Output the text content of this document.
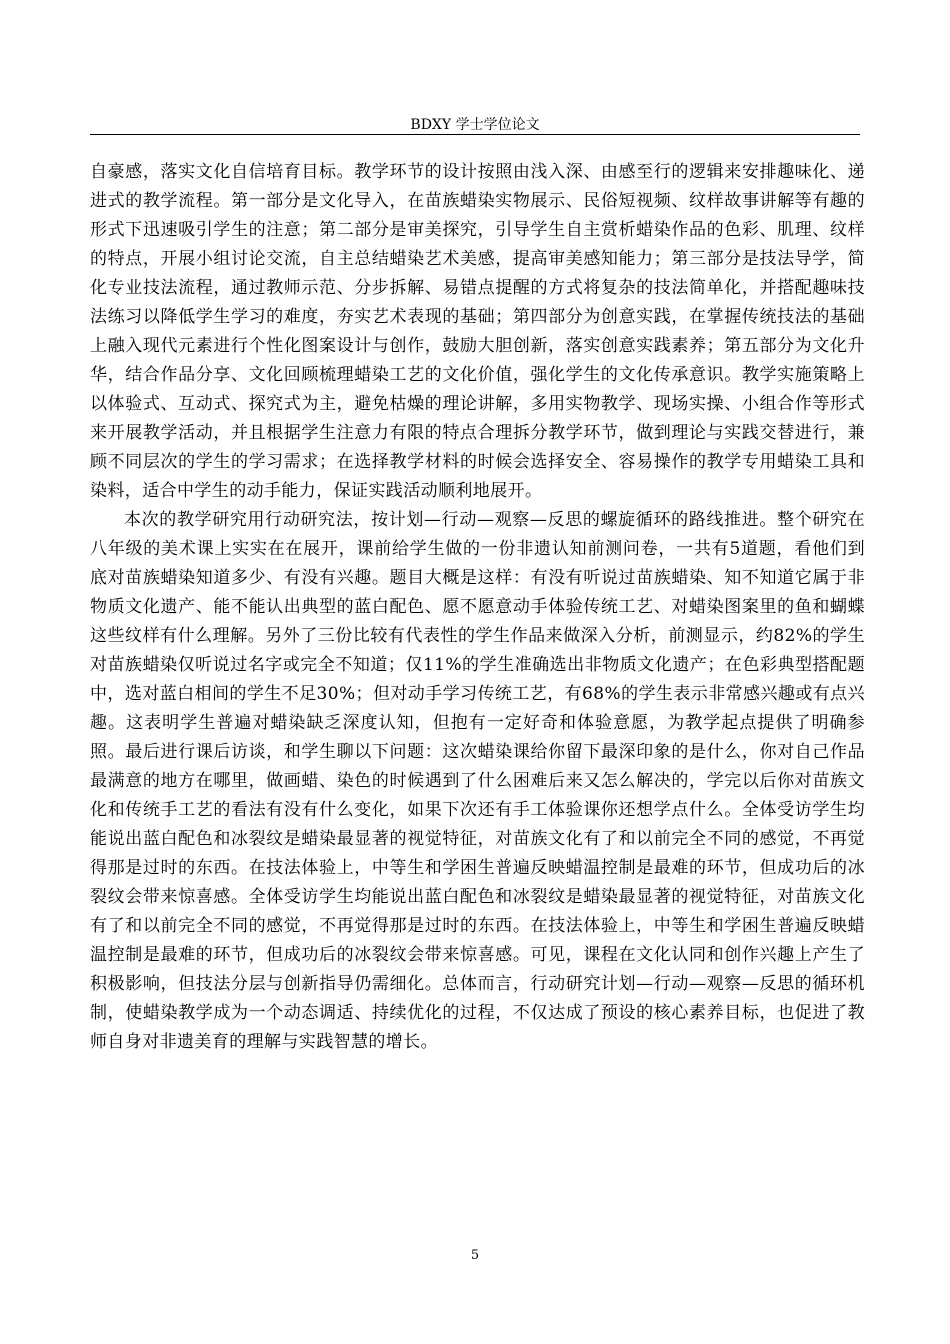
BDXY 学士学位论文

自豪感，落实文化自信培育目标。教学环节的设计按照由浅入深、由感至行的逻辑来安排趣味化、递进式的教学流程。第一部分是文化导入，在苗族蜡染实物展示、民俗短视频、纹样故事讲解等有趣的形式下迅速吸引学生的注意；第二部分是审美探究，引导学生自主赏析蜡染作品的色彩、肌理、纹样的特点，开展小组讨论交流，自主总结蜡染艺术美感，提高审美感知能力；第三部分是技法导学，简化专业技法流程，通过教师示范、分步拆解、易错点提醒的方式将复杂的技法简单化，并搭配趣味技法练习以降低学生学习的难度，夯实艺术表现的基础；第四部分为创意实践，在掌握传统技法的基础上融入现代元素进行个性化图案设计与创作，鼓励大胆创新，落实创意实践素养；第五部分为文化升华，结合作品分享、文化回顾梳理蜡染工艺的文化价值，强化学生的文化传承意识。教学实施策略上以体验式、互动式、探究式为主，避免枯燥的理论讲解，多用实物教学、现场实操、小组合作等形式来开展教学活动，并且根据学生注意力有限的特点合理拆分教学环节，做到理论与实践交替进行，兼顾不同层次的学生的学习需求；在选择教学材料的时候会选择安全、容易操作的教学专用蜡染工具和染料，适合中学生的动手能力，保证实践活动顺利地展开。

本次的教学研究用行动研究法，按计划—行动—观察—反思的螺旋循环的路线推进。整个研究在八年级的美术课上实实在在展开，课前给学生做的一份非遗认知前测问卷，一共有5道题，看他们到底对苗族蜡染知道多少、有没有兴趣。题目大概是这样：有没有听说过苗族蜡染、知不知道它属于非物质文化遗产、能不能认出典型的蓝白配色、愿不愿意动手体验传统工艺、对蜡染图案里的鱼和蝴蝶这些纹样有什么理解。另外了三份比较有代表性的学生作品来做深入分析，前测显示，约82%的学生对苗族蜡染仅听说过名字或完全不知道；仅11%的学生准确选出非物质文化遗产；在色彩典型搭配题中，选对蓝白相间的学生不足30%；但对动手学习传统工艺，有68%的学生表示非常感兴趣或有点兴趣。这表明学生普遍对蜡染缺乏深度认知，但抱有一定好奇和体验意愿，为教学起点提供了明确参照。最后进行课后访谈，和学生聊以下问题：这次蜡染课给你留下最深印象的是什么，你对自己作品最满意的地方在哪里，做画蜡、染色的时候遇到了什么困难后来又怎么解决的，学完以后你对苗族文化和传统手工艺的看法有没有什么变化，如果下次还有手工体验课你还想学点什么。全体受访学生均能说出蓝白配色和冰裂纹是蜡染最显著的视觉特征，对苗族文化有了和以前完全不同的感觉，不再觉得那是过时的东西。在技法体验上，中等生和学困生普遍反映蜡温控制是最难的环节，但成功后的冰裂纹会带来惊喜感。全体受访学生均能说出蓝白配色和冰裂纹是蜡染最显著的视觉特征，对苗族文化有了和以前完全不同的感觉，不再觉得那是过时的东西。在技法体验上，中等生和学困生普遍反映蜡温控制是最难的环节，但成功后的冰裂纹会带来惊喜感。可见，课程在文化认同和创作兴趣上产生了积极影响，但技法分层与创新指导仍需细化。总体而言，行动研究计划—行动—观察—反思的循环机制，使蜡染教学成为一个动态调适、持续优化的过程，不仅达成了预设的核心素养目标，也促进了教师自身对非遗美育的理解与实践智慧的增长。

5
